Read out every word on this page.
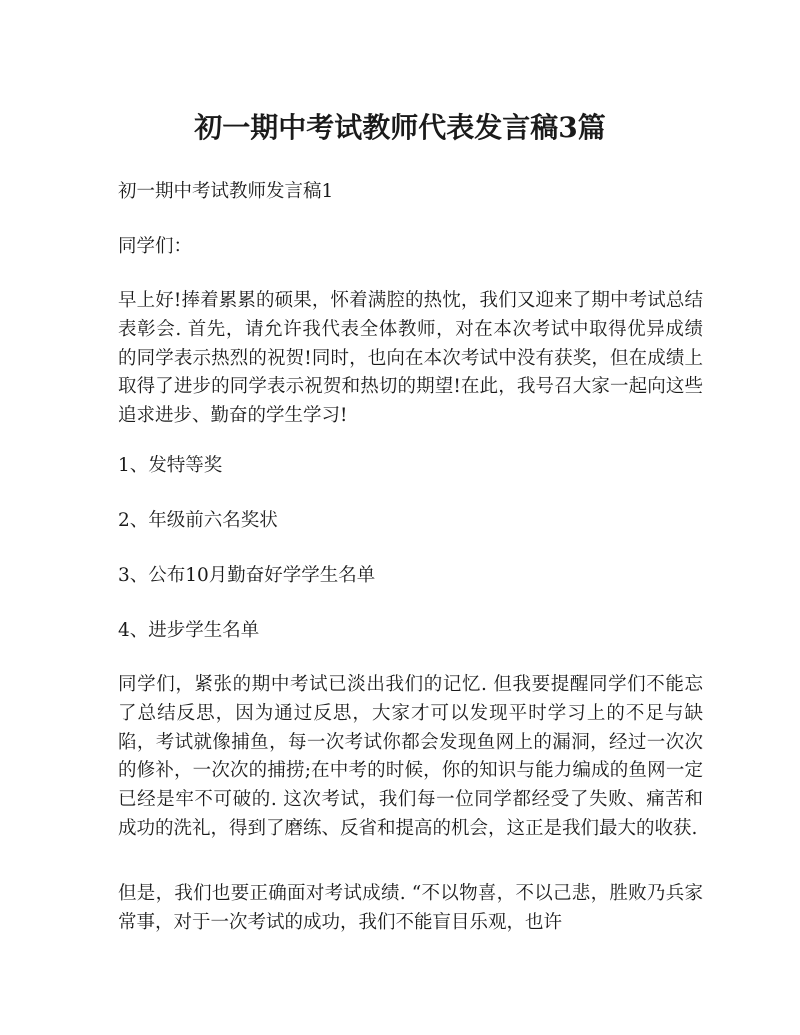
初一期中考试教师代表发言稿3篇

初一期中考试教师发言稿1

同学们：

早上好!捧着累累的硕果，怀着满腔的热忱，我们又迎来了期中考试总结表彰会. 首先，请允许我代表全体教师，对在本次考试中取得优异成绩的同学表示热烈的祝贺!同时，也向在本次考试中没有获奖，但在成绩上取得了进步的同学表示祝贺和热切的期望!在此，我号召大家一起向这些追求进步、勤奋的学生学习!

1、发特等奖

2、年级前六名奖状

3、公布10月勤奋好学学生名单

4、进步学生名单

同学们，紧张的期中考试已淡出我们的记忆. 但我要提醒同学们不能忘了总结反思，因为通过反思，大家才可以发现平时学习上的不足与缺陷，考试就像捕鱼，每一次考试你都会发现鱼网上的漏洞，经过一次次的修补，一次次的捕捞;在中考的时候，你的知识与能力编成的鱼网一定已经是牢不可破的. 这次考试，我们每一位同学都经受了失败、痛苦和成功的洗礼，得到了磨练、反省和提高的机会，这正是我们最大的收获.

但是，我们也要正确面对考试成绩. “不以物喜，不以己悲，胜败乃兵家常事，对于一次考试的成功，我们不能盲目乐观，也许
